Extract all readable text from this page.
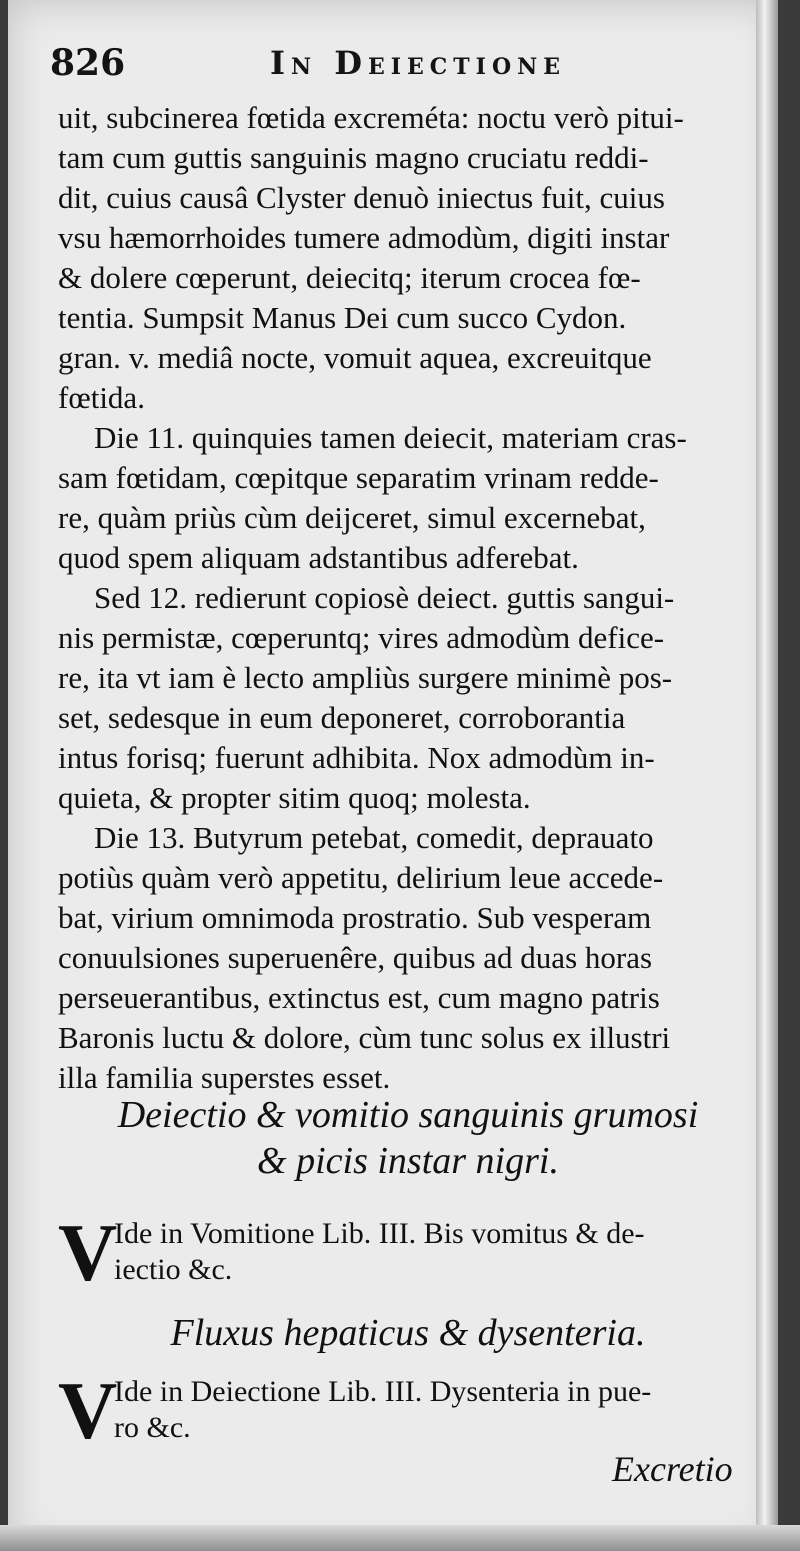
826	In Deiectione
uit, subcinerea fœtida excreméta: noctu verò pitui-
tam cum guttis sanguinis magno cruciatu reddi-
dit, cuius causâ Clyster denuò iniectus fuit, cuius
vsu hæmorrhoides tumere admodùm, digiti instar
& dolere cœperunt, deiecitq; iterum crocea fœ-
tentia. Sumpsit Manus Dei cum succo Cydon.
gran. v. mediâ nocte, vomuit aquea, excreuitque
fœtida.
Die 11. quinquies tamen deiecit, materiam cras-
sam fœtidam, cœpitque separatim vrinam redde-
re, quàm priùs cùm deijceret, simul excernebat,
quod spem aliquam adstantibus adferebat.
Sed 12. redierunt copiosè deiect. guttis sangui-
nis permistæ, cœperuntq; vires admodùm defice-
re, ita vt iam è lecto ampliùs surgere minimè pos-
set, sedesque in eum deponeret, corroborantia
intus forisq; fuerunt adhibita. Nox admodùm in-
quieta, & propter sitim quoq; molesta.
Die 13. Butyrum petebat, comedit, deprauato
potiùs quàm verò appetitu, delirium leue accede-
bat, virium omnimoda prostratio. Sub vesperam
conuulsiones superuenêre, quibus ad duas horas
perseuerantibus, extinctus est, cum magno patris
Baronis luctu & dolore, cùm tunc solus ex illustri
illa familia superstes esset.
Deiectio & vomitio sanguinis grumosi
& picis instar nigri.
V
Ide in Vomitione Lib. III. Bis vomitus & de-
iectio &c.
Fluxus hepaticus & dysenteria.
V
Ide in Deiectione Lib. III. Dysenteria in pue-
ro &c.
Excretio
